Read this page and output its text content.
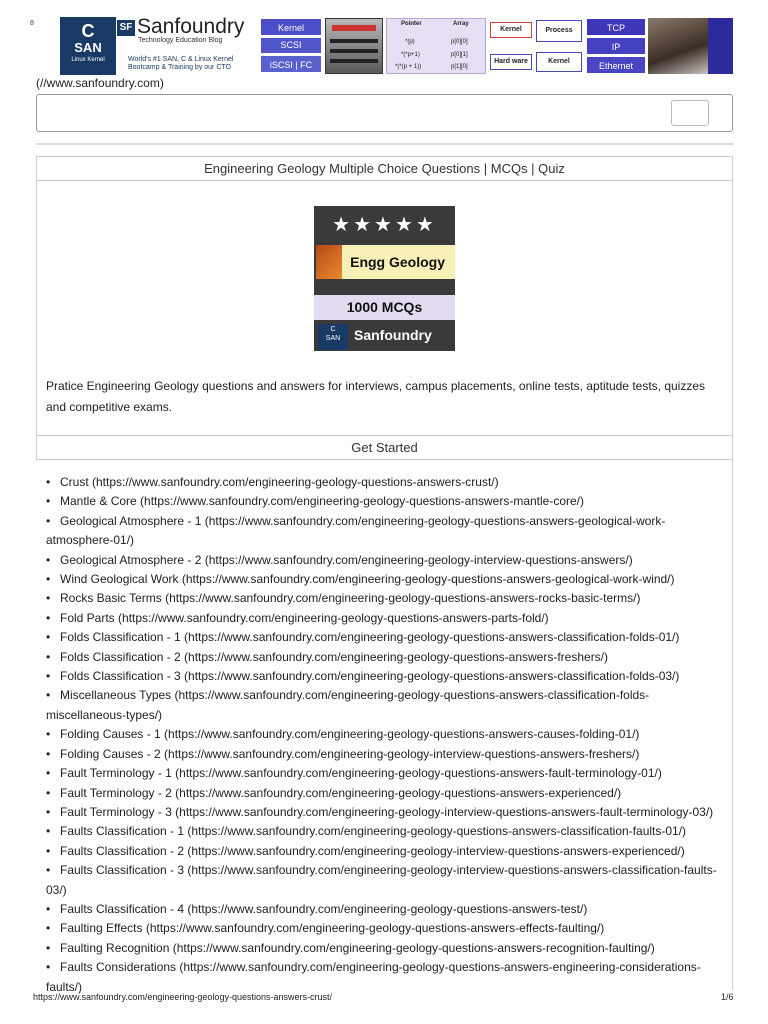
8	C
SAN
Linux Kernel
SF Sanfoundry
Technology Education Blog
World's #1 SAN, C & Linux Kernel Bootcamp & Training by our CTO
Kernel
SCSI
iSCSI | FC
Pointer	Array
*(p)	p[0][0]
*(*p+1)	p[0][1]
*(*(p + 1))	p[1][0]
Kernel	Process
Hard ware	Kernel
TCP
IP
Ethernet
(//www.sanfoundry.com)
Engineering Geology Multiple Choice Questions | MCQs | Quiz
★★★★★
Engg Geology
1000 MCQs
C
SAN Sanfoundry
Pratice Engineering Geology questions and answers for interviews, campus placements, online tests, aptitude tests, quizzes and competitive exams.
Get Started
• Crust (https://www.sanfoundry.com/engineering-geology-questions-answers-crust/)
• Mantle & Core (https://www.sanfoundry.com/engineering-geology-questions-answers-mantle-core/)
• Geological Atmosphere - 1 (https://www.sanfoundry.com/engineering-geology-questions-answers-geological-work-atmosphere-01/)
• Geological Atmosphere - 2 (https://www.sanfoundry.com/engineering-geology-interview-questions-answers/)
• Wind Geological Work (https://www.sanfoundry.com/engineering-geology-questions-answers-geological-work-wind/)
• Rocks Basic Terms (https://www.sanfoundry.com/engineering-geology-questions-answers-rocks-basic-terms/)
• Fold Parts (https://www.sanfoundry.com/engineering-geology-questions-answers-parts-fold/)
• Folds Classification - 1 (https://www.sanfoundry.com/engineering-geology-questions-answers-classification-folds-01/)
• Folds Classification - 2 (https://www.sanfoundry.com/engineering-geology-questions-answers-freshers/)
• Folds Classification - 3 (https://www.sanfoundry.com/engineering-geology-questions-answers-classification-folds-03/)
• Miscellaneous Types (https://www.sanfoundry.com/engineering-geology-questions-answers-classification-folds-miscellaneous-types/)
• Folding Causes - 1 (https://www.sanfoundry.com/engineering-geology-questions-answers-causes-folding-01/)
• Folding Causes - 2 (https://www.sanfoundry.com/engineering-geology-interview-questions-answers-freshers/)
• Fault Terminology - 1 (https://www.sanfoundry.com/engineering-geology-questions-answers-fault-terminology-01/)
• Fault Terminology - 2 (https://www.sanfoundry.com/engineering-geology-questions-answers-experienced/)
• Fault Terminology - 3 (https://www.sanfoundry.com/engineering-geology-interview-questions-answers-fault-terminology-03/)
• Faults Classification - 1 (https://www.sanfoundry.com/engineering-geology-questions-answers-classification-faults-01/)
• Faults Classification - 2 (https://www.sanfoundry.com/engineering-geology-interview-questions-answers-experienced/)
• Faults Classification - 3 (https://www.sanfoundry.com/engineering-geology-interview-questions-answers-classification-faults-03/)
• Faults Classification - 4 (https://www.sanfoundry.com/engineering-geology-questions-answers-test/)
• Faulting Effects (https://www.sanfoundry.com/engineering-geology-questions-answers-effects-faulting/)
• Faulting Recognition (https://www.sanfoundry.com/engineering-geology-questions-answers-recognition-faulting/)
• Faults Considerations (https://www.sanfoundry.com/engineering-geology-questions-answers-engineering-considerations-faults/)
https://www.sanfoundry.com/engineering-geology-questions-answers-crust/	1/6
